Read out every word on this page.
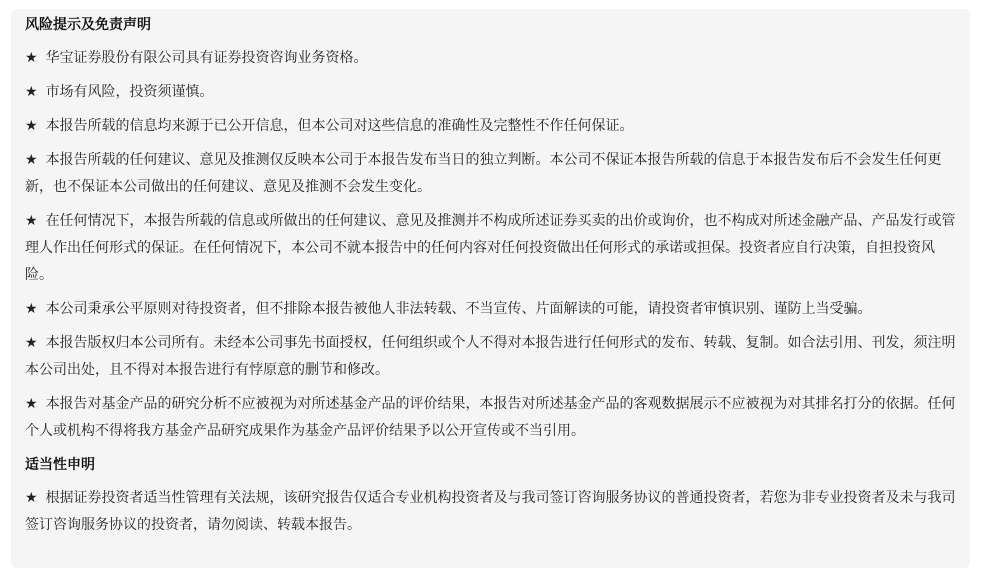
风险提示及免责声明

★ 华宝证券股份有限公司具有证券投资咨询业务资格。

★ 市场有风险，投资须谨慎。

★ 本报告所载的信息均来源于已公开信息，但本公司对这些信息的准确性及完整性不作任何保证。

★ 本报告所载的任何建议、意见及推测仅反映本公司于本报告发布当日的独立判断。本公司不保证本报告所载的信息于本报告发布后不会发生任何更新，也不保证本公司做出的任何建议、意见及推测不会发生变化。

★ 在任何情况下，本报告所载的信息或所做出的任何建议、意见及推测并不构成所述证券买卖的出价或询价，也不构成对所述金融产品、产品发行或管理人作出任何形式的保证。在任何情况下，本公司不就本报告中的任何内容对任何投资做出任何形式的承诺或担保。投资者应自行决策，自担投资风险。

★ 本公司秉承公平原则对待投资者，但不排除本报告被他人非法转载、不当宣传、片面解读的可能，请投资者审慎识别、谨防上当受骗。

★ 本报告版权归本公司所有。未经本公司事先书面授权，任何组织或个人不得对本报告进行任何形式的发布、转载、复制。如合法引用、刊发，须注明本公司出处，且不得对本报告进行有悖原意的删节和修改。

★ 本报告对基金产品的研究分析不应被视为对所述基金产品的评价结果，本报告对所述基金产品的客观数据展示不应被视为对其排名打分的依据。任何个人或机构不得将我方基金产品研究成果作为基金产品评价结果予以公开宣传或不当引用。

适当性申明

★ 根据证券投资者适当性管理有关法规，该研究报告仅适合专业机构投资者及与我司签订咨询服务协议的普通投资者，若您为非专业投资者及未与我司签订咨询服务协议的投资者，请勿阅读、转载本报告。
